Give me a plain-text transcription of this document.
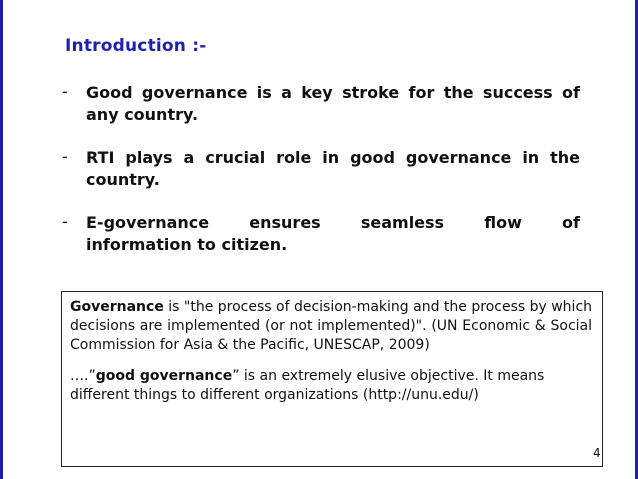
Introduction :-
- Good governance is a key stroke for the success of any country.
- RTI plays a crucial role in good governance in the country.
- E-governance ensures seamless flow of
information to citizen.

Governance is "the process of decision-making and the process by which decisions are implemented (or not implemented)". (UN Economic & Social Commission for Asia & the Pacific, UNESCAP, 2009)

….”good governance” is an extremely elusive objective. It means different things to different organizations (http://unu.edu/)

4
